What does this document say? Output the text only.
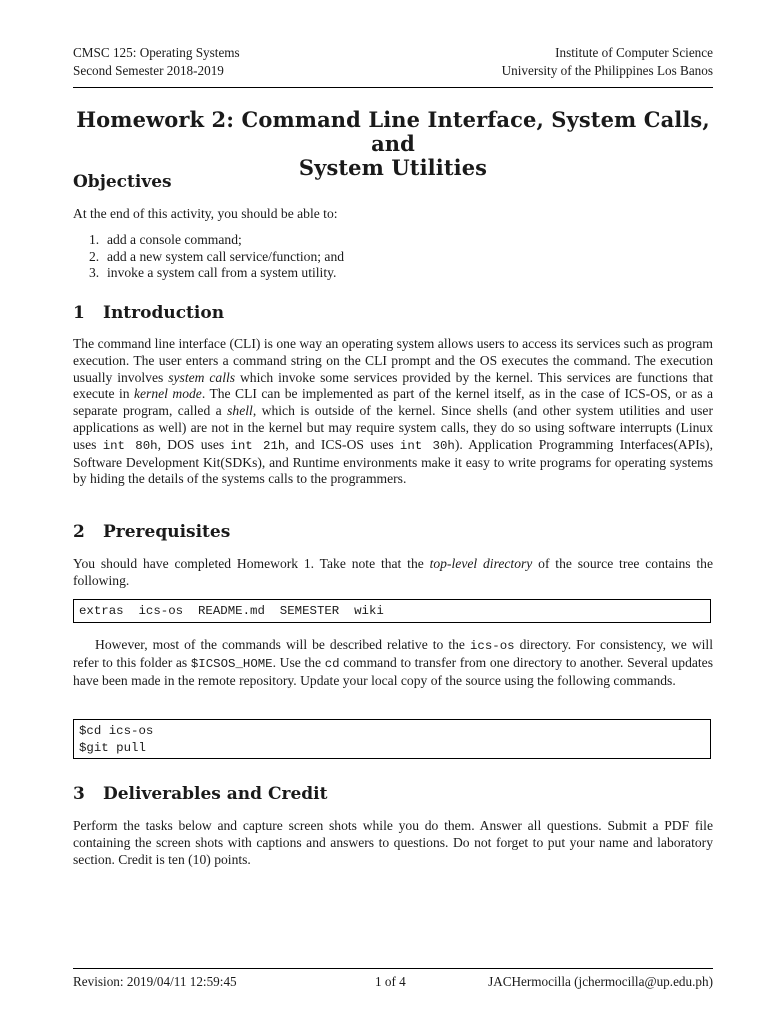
CMSC 125: Operating Systems
Second Semester 2018-2019
Institute of Computer Science
University of the Philippines Los Banos
Homework 2: Command Line Interface, System Calls, and
System Utilities
Objectives
At the end of this activity, you should be able to:
1. add a console command;
2. add a new system call service/function; and
3. invoke a system call from a system utility.
1 Introduction
The command line interface (CLI) is one way an operating system allows users to access its services such as program execution. The user enters a command string on the CLI prompt and the OS executes the command. The execution usually involves system calls which invoke some services provided by the kernel. This services are functions that execute in kernel mode. The CLI can be implemented as part of the kernel itself, as in the case of ICS-OS, or as a separate program, called a shell, which is outside of the kernel. Since shells (and other system utilities and user applications as well) are not in the kernel but may require system calls, they do so using software interrupts (Linux uses int 80h, DOS uses int 21h, and ICS-OS uses int 30h). Application Programming Interfaces(APIs), Software Development Kit(SDKs), and Runtime environments make it easy to write programs for operating systems by hiding the details of the systems calls to the programmers.
2 Prerequisites
You should have completed Homework 1. Take note that the top-level directory of the source tree contains the following.
extras  ics-os  README.md  SEMESTER  wiki
However, most of the commands will be described relative to the ics-os directory. For consistency, we will refer to this folder as $ICSOS_HOME. Use the cd command to transfer from one directory to another. Several updates have been made in the remote repository. Update your local copy of the source using the following commands.
$cd ics-os
$git pull
3 Deliverables and Credit
Perform the tasks below and capture screen shots while you do them. Answer all questions. Submit a PDF file containing the screen shots with captions and answers to questions. Do not forget to put your name and laboratory section. Credit is ten (10) points.
Revision: 2019/04/11 12:59:45	1 of 4	JACHermocilla (jchermocilla@up.edu.ph)
